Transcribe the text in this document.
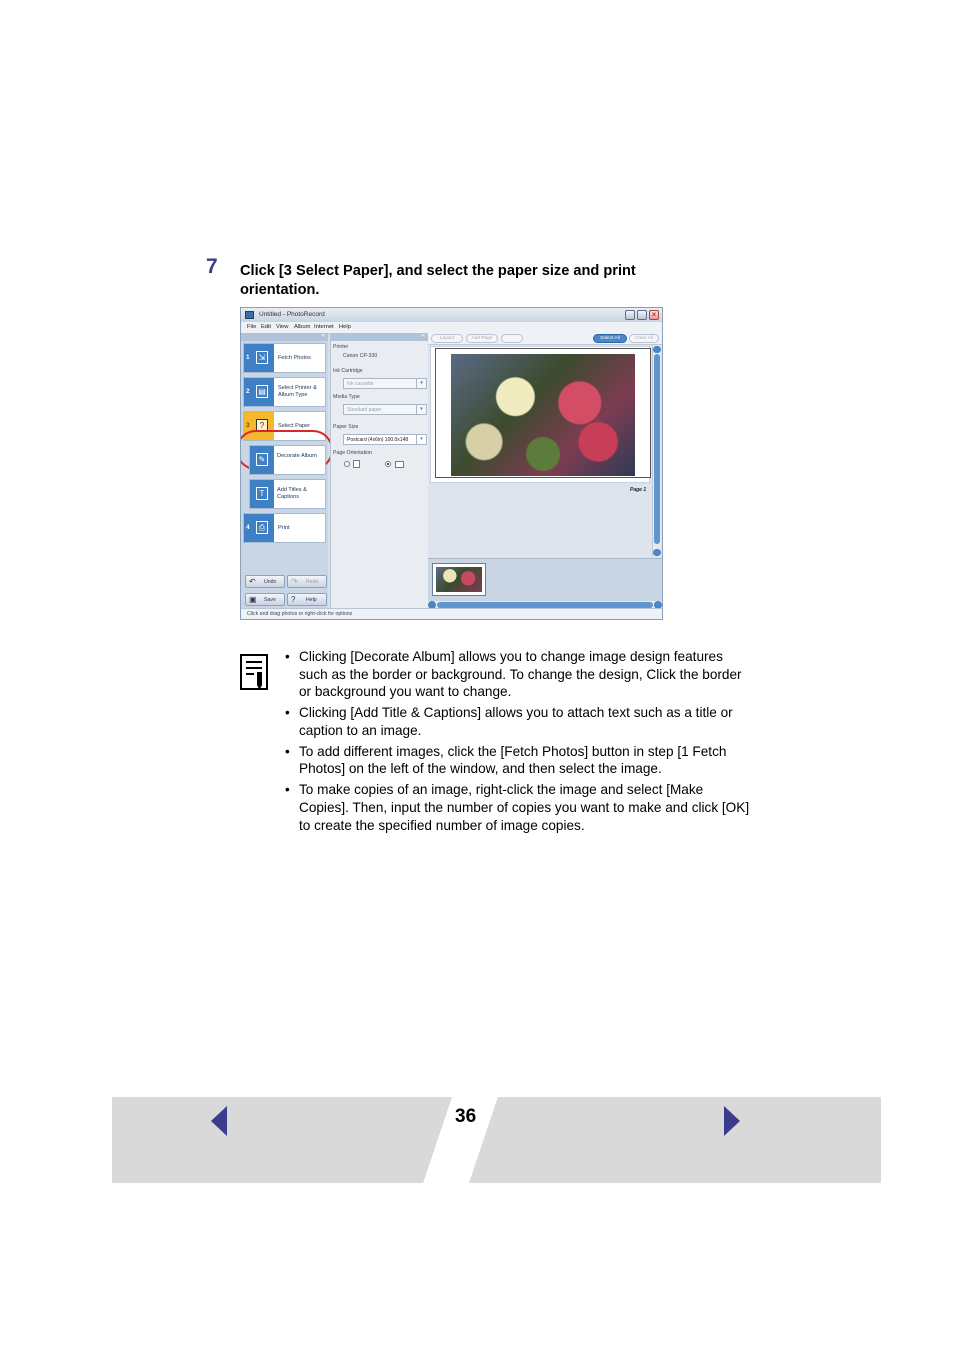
7 Click [3 Select Paper], and select the paper size and print orientation.
Untitled - PhotoRecord	×
File Edit View Album Internet Help
«
1	⇲	Fetch Photos
2 ▤	Select Printer & Album Type
3	?	Select Paper
✎	Decorate Album
T	Add Titles & Captions
4	⎙	Print
↶ Undo ↷ Redo
▣ Save ? Help
«
Printer
Canon CP-330
Ink Cartridge
Ink cassette	▾
Media Type
Standard paper	▾
Paper Size
Postcard (4x6in) 100.0x148	▾
Page Orientation
Layout	Add Page	Select All	Clear All
Page 1
Click and drag photos or right-click for options
• Clicking [Decorate Album] allows you to change image design features such as the border or background. To change the design, Click the border or background you want to change.
• Clicking [Add Title & Captions] allows you to attach text such as a title or caption to an image.
• To add different images, click the [Fetch Photos] button in step [1 Fetch Photos] on the left of the window, and then select the image.
• To make copies of an image, right-click the image and select [Make Copies]. Then, input the number of copies you want to make and click [OK] to create the specified number of image copies.
36
